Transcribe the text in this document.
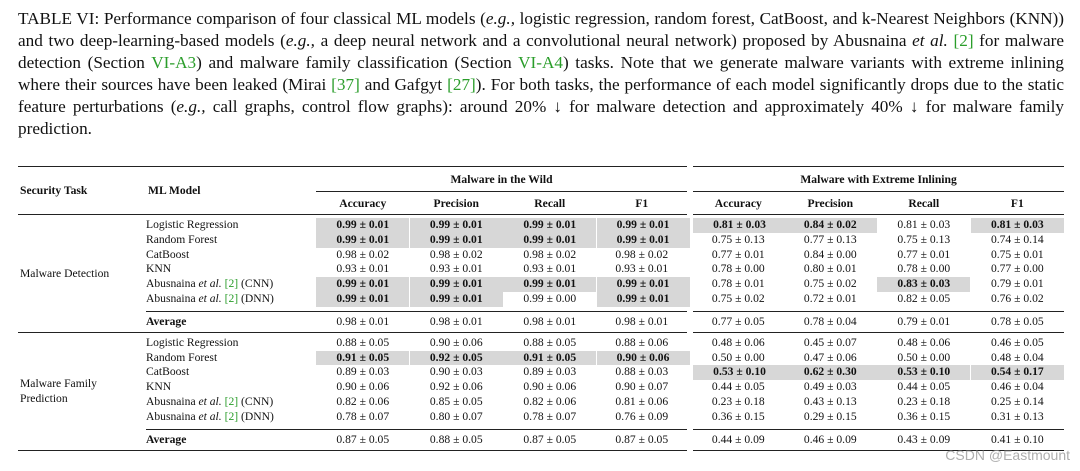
TABLE VI: Performance comparison of four classical ML models (e.g., logistic regression, random forest, CatBoost, and k-Nearest Neighbors (KNN)) and two deep-learning-based models (e.g., a deep neural network and a convolutional neural network) proposed by Abusnaina et al. [2] for malware detection (Section VI-A3) and malware family classification (Section VI-A4) tasks. Note that we generate malware variants with extreme inlining where their sources have been leaked (Mirai [37] and Gafgyt [27]). For both tasks, the performance of each model significantly drops due to the static feature perturbations (e.g., call graphs, control flow graphs): around 20% ↓ for malware detection and approximately 40% ↓ for malware family prediction.

Security Task	ML Model	Malware in the Wild				Malware with Extreme Inlining			
		Accuracy	Precision	Recall	F1	Accuracy	Precision	Recall	F1
Malware Detection	Logistic Regression	0.99 ± 0.01	0.99 ± 0.01	0.99 ± 0.01	0.99 ± 0.01	0.81 ± 0.03	0.84 ± 0.02	0.81 ± 0.03	0.81 ± 0.03
	Random Forest	0.99 ± 0.01	0.99 ± 0.01	0.99 ± 0.01	0.99 ± 0.01	0.75 ± 0.13	0.77 ± 0.13	0.75 ± 0.13	0.74 ± 0.14
	CatBoost	0.98 ± 0.02	0.98 ± 0.02	0.98 ± 0.02	0.98 ± 0.02	0.77 ± 0.01	0.84 ± 0.00	0.77 ± 0.01	0.75 ± 0.01
	KNN	0.93 ± 0.01	0.93 ± 0.01	0.93 ± 0.01	0.93 ± 0.01	0.78 ± 0.00	0.80 ± 0.01	0.78 ± 0.00	0.77 ± 0.00
	Abusnaina et al. [2] (CNN)	0.99 ± 0.01	0.99 ± 0.01	0.99 ± 0.01	0.99 ± 0.01	0.78 ± 0.01	0.75 ± 0.02	0.83 ± 0.03	0.79 ± 0.01
	Abusnaina et al. [2] (DNN)	0.99 ± 0.01	0.99 ± 0.01	0.99 ± 0.00	0.99 ± 0.01	0.75 ± 0.02	0.72 ± 0.01	0.82 ± 0.05	0.76 ± 0.02

	Average	0.98 ± 0.01	0.98 ± 0.01	0.98 ± 0.01	0.98 ± 0.01	0.77 ± 0.05	0.78 ± 0.04	0.79 ± 0.01	0.78 ± 0.05

Malware Family
Prediction	Logistic Regression	0.88 ± 0.05	0.90 ± 0.06	0.88 ± 0.05	0.88 ± 0.06	0.48 ± 0.06	0.45 ± 0.07	0.48 ± 0.06	0.46 ± 0.05
	Random Forest	0.91 ± 0.05	0.92 ± 0.05	0.91 ± 0.05	0.90 ± 0.06	0.50 ± 0.00	0.47 ± 0.06	0.50 ± 0.00	0.48 ± 0.04
	CatBoost	0.89 ± 0.03	0.90 ± 0.03	0.89 ± 0.03	0.88 ± 0.03	0.53 ± 0.10	0.62 ± 0.30	0.53 ± 0.10	0.54 ± 0.17
	KNN	0.90 ± 0.06	0.92 ± 0.06	0.90 ± 0.06	0.90 ± 0.07	0.44 ± 0.05	0.49 ± 0.03	0.44 ± 0.05	0.46 ± 0.04
	Abusnaina et al. [2] (CNN)	0.82 ± 0.06	0.85 ± 0.05	0.82 ± 0.06	0.81 ± 0.06	0.23 ± 0.18	0.43 ± 0.13	0.23 ± 0.18	0.25 ± 0.14
	Abusnaina et al. [2] (DNN)	0.78 ± 0.07	0.80 ± 0.07	0.78 ± 0.07	0.76 ± 0.09	0.36 ± 0.15	0.29 ± 0.15	0.36 ± 0.15	0.31 ± 0.13

	Average	0.87 ± 0.05	0.88 ± 0.05	0.87 ± 0.05	0.87 ± 0.05	0.44 ± 0.09	0.46 ± 0.09	0.43 ± 0.09	0.41 ± 0.10
CSDN @Eastmount
